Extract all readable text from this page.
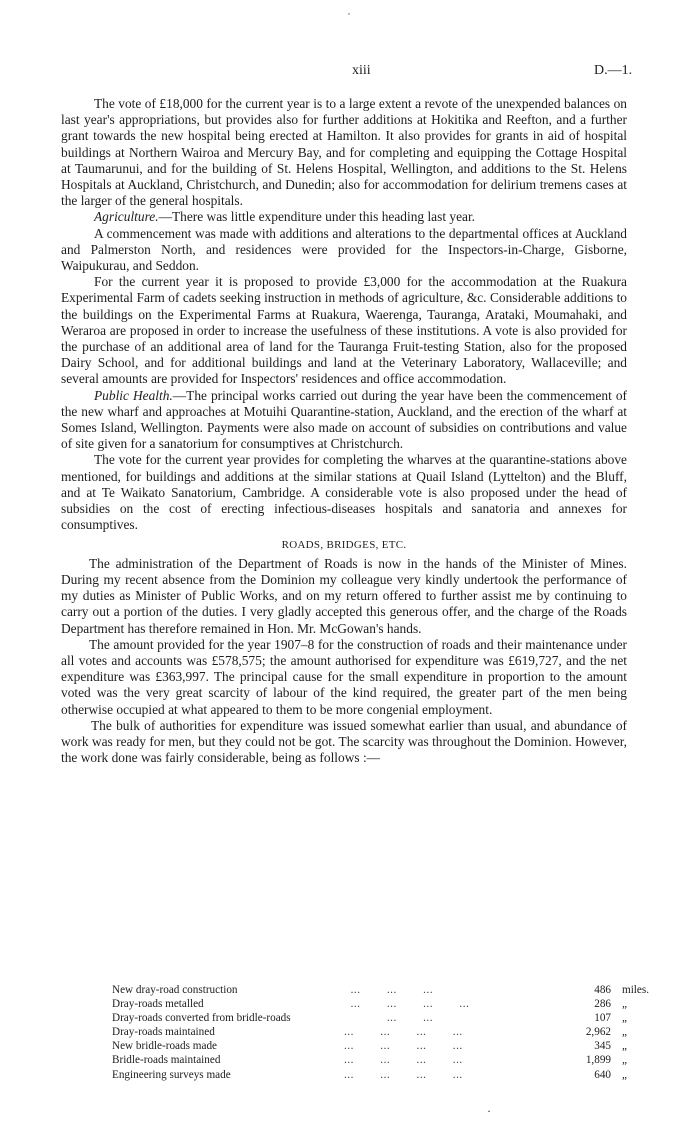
˙
xiii	D.—1.

The vote of £18,000 for the current year is to a large extent a revote of the unexpended balances on last year's appropriations, but provides also for further additions at Hokitika and Reefton, and a further grant towards the new hospital being erected at Hamilton. It also provides for grants in aid of hospital buildings at Northern Wairoa and Mercury Bay, and for completing and equipping the Cottage Hospital at Taumarunui, and for the building of St. Helens Hospital, Wellington, and additions to the St. Helens Hospitals at Auckland, Christchurch, and Dunedin; also for accommodation for delirium tremens cases at the larger of the general hospitals.

Agriculture.—There was little expenditure under this heading last year.

A commencement was made with additions and alterations to the departmental offices at Auckland and Palmerston North, and residences were provided for the Inspectors-in-Charge, Gisborne, Waipukurau, and Seddon.

For the current year it is proposed to provide £3,000 for the accommodation at the Ruakura Experimental Farm of cadets seeking instruction in methods of agriculture, &c. Considerable additions to the buildings on the Experimental Farms at Ruakura, Waerenga, Tauranga, Arataki, Moumahaki, and Weraroa are proposed in order to increase the usefulness of these institutions. A vote is also provided for the purchase of an additional area of land for the Tauranga Fruit-testing Station, also for the proposed Dairy School, and for additional buildings and land at the Veterinary Laboratory, Wallaceville; and several amounts are provided for Inspectors' residences and office accommodation.

Public Health.—The principal works carried out during the year have been the commencement of the new wharf and approaches at Motuihi Quarantine-station, Auckland, and the erection of the wharf at Somes Island, Wellington. Payments were also made on account of subsidies on contributions and value of site given for a sanatorium for consumptives at Christchurch.

The vote for the current year provides for completing the wharves at the quarantine-stations above mentioned, for buildings and additions at the similar stations at Quail Island (Lyttelton) and the Bluff, and at Te Waikato Sanatorium, Cambridge. A considerable vote is also proposed under the head of subsidies on the cost of erecting infectious-diseases hospitals and sanatoria and annexes for consumptives.

ROADS, BRIDGES, ETC.

The administration of the Department of Roads is now in the hands of the Minister of Mines. During my recent absence from the Dominion my colleague very kindly undertook the performance of my duties as Minister of Public Works, and on my return offered to further assist me by continuing to carry out a portion of the duties. I very gladly accepted this generous offer, and the charge of the Roads Department has therefore remained in Hon. Mr. McGowan's hands.

The amount provided for the year 1907–8 for the construction of roads and their maintenance under all votes and accounts was £578,575; the amount authorised for expenditure was £619,727, and the net expenditure was £363,997. The principal cause for the small expenditure in proportion to the amount voted was the very great scarcity of labour of the kind required, the greater part of the men being otherwise occupied at what appeared to them to be more congenial employment.

The bulk of authorities for expenditure was issued somewhat earlier than usual, and abundance of work was ready for men, but they could not be got. The scarcity was throughout the Dominion. However, the work done was fairly considerable, being as follows :—

New dray-road construction	...        ...        ...	486 miles.
Dray-roads metalled	...        ...        ...        ...	286 „
Dray-roads converted from bridle-roads	...        ...	107 „
Dray-roads maintained	...        ...        ...        ...	2,962 „
New bridle-roads made	...        ...        ...        ...	345 „
Bridle-roads maintained	...        ...        ...        ...	1,899 „
Engineering surveys made	...        ...        ...        ...	640 „
·
